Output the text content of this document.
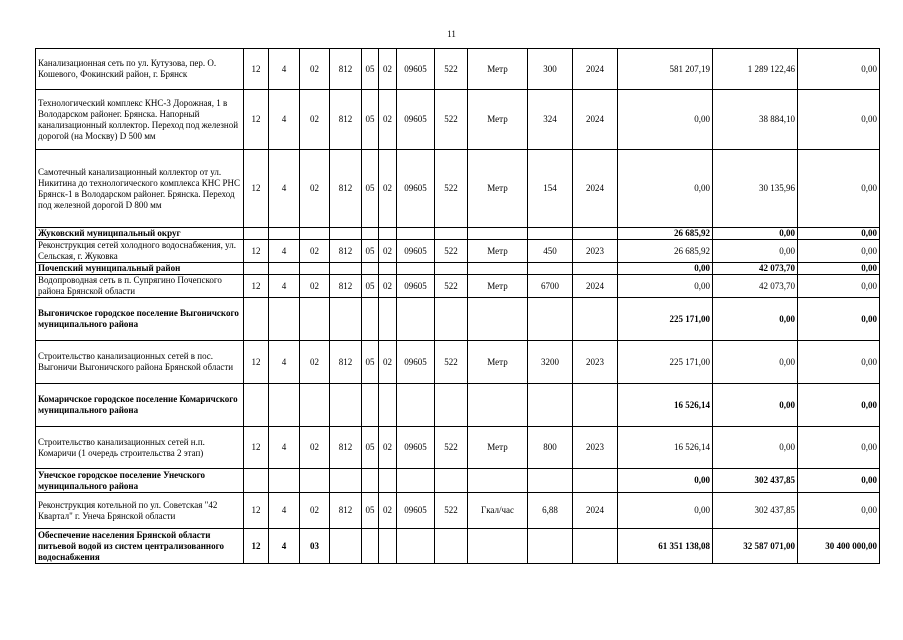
11
Канализационная сеть по ул. Кутузова, пер. О. Кошевого, Фокинский район, г. Брянск	12	4	02	812	05	02	09605	522	Метр	300	2024	581 207,19	1 289 122,46	0,00
Технологический комплекс КНС-3 Дорожная, 1 в Володарском районег. Брянска. Напорный канализационный коллектор. Переход под железной дорогой (на Москву) D 500 мм	12	4	02	812	05	02	09605	522	Метр	324	2024	0,00	38 884,10	0,00
Самотечный канализационный коллектор от ул. Никитина до технологического комплекса КНС РНС Брянск-1 в Володарском районег. Брянска. Переход под железной дорогой D 800 мм	12	4	02	812	05	02	09605	522	Метр	154	2024	0,00	30 135,96	0,00
Жуковский муниципальный округ												26 685,92	0,00	0,00
Реконструкция сетей холодного водоснабжения, ул. Сельская, г. Жуковка	12	4	02	812	05	02	09605	522	Метр	450	2023	26 685,92	0,00	0,00
Почепский муниципальный район												0,00	42 073,70	0,00
Водопроводная сеть в п. Супрягино Почепского района Брянской области	12	4	02	812	05	02	09605	522	Метр	6700	2024	0,00	42 073,70	0,00
Выгоничское городское поселение Выгоничского муниципального района												225 171,00	0,00	0,00
Строительство канализационных сетей в пос. Выгоничи Выгоничского района Брянской области	12	4	02	812	05	02	09605	522	Метр	3200	2023	225 171,00	0,00	0,00
Комаричское городское поселение Комаричского муниципального района												16 526,14	0,00	0,00
Строительство канализационных сетей н.п. Комаричи (1 очередь строительства 2 этап)	12	4	02	812	05	02	09605	522	Метр	800	2023	16 526,14	0,00	0,00
Унечское городское поселение Унечского муниципального района												0,00	302 437,85	0,00
Реконструкция котельной по ул. Советская "42 Квартал" г. Унеча Брянской области	12	4	02	812	05	02	09605	522	Гкал/час	6,88	2024	0,00	302 437,85	0,00
Обеспечение населения Брянской области питьевой водой из систем централизованного водоснабжения	12	4	03									61 351 138,08	32 587 071,00	30 400 000,00
